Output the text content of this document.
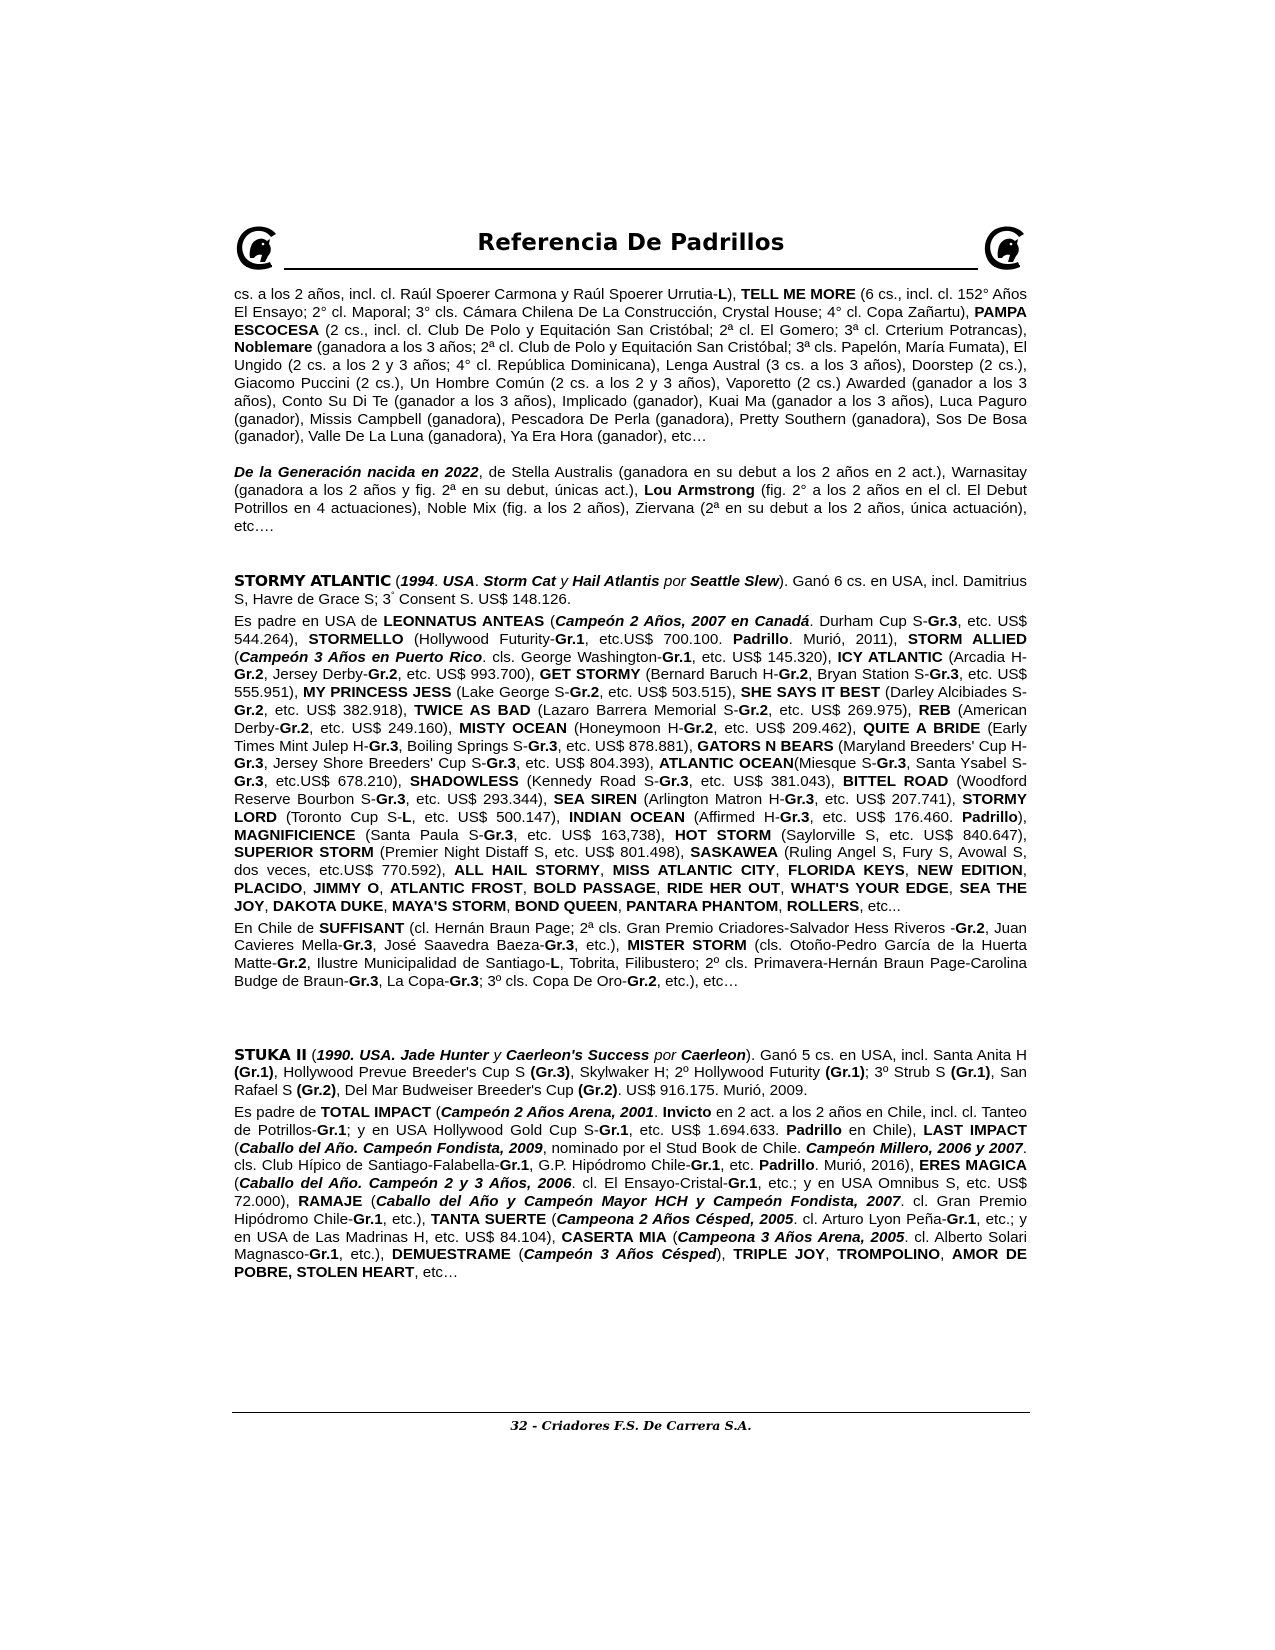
Referencia De Padrillos

cs. a los 2 años, incl. cl. Raúl Spoerer Carmona y Raúl Spoerer Urrutia-L), TELL ME MORE (6 cs., incl. cl. 152° Años El Ensayo; 2° cl. Maporal; 3° cls. Cámara Chilena De La Construcción, Crystal House; 4° cl. Copa Zañartu), PAMPA ESCOCESA (2 cs., incl. cl. Club De Polo y Equitación San Cristóbal; 2ª cl. El Gomero; 3ª cl. Crterium Potrancas), Noblemare (ganadora a los 3 años; 2ª cl. Club de Polo y Equitación San Cristóbal; 3ª cls. Papelón, María Fumata), El Ungido (2 cs. a los 2 y 3 años; 4° cl. República Dominicana), Lenga Austral (3 cs. a los 3 años), Doorstep (2 cs.), Giacomo Puccini (2 cs.), Un Hombre Común (2 cs. a los 2 y 3 años), Vaporetto (2 cs.) Awarded (ganador a los 3 años), Conto Su Di Te (ganador a los 3 años), Implicado (ganador), Kuai Ma (ganador a los 3 años), Luca Paguro (ganador), Missis Campbell (ganadora), Pescadora De Perla (ganadora), Pretty Southern (ganadora), Sos De Bosa (ganador), Valle De La Luna (ganadora), Ya Era Hora (ganador), etc…

De la Generación nacida en 2022, de Stella Australis (ganadora en su debut a los 2 años en 2 act.), Warnasitay (ganadora a los 2 años y fig. 2ª en su debut, únicas act.), Lou Armstrong (fig. 2° a los 2 años en el cl. El Debut Potrillos en 4 actuaciones), Noble Mix (fig. a los 2 años), Ziervana (2ª en su debut a los 2 años, única actuación), etc….

STORMY ATLANTIC (1994. USA. Storm Cat y Hail Atlantis por Seattle Slew). Ganó 6 cs. en USA, incl. Damitrius S, Havre de Grace S; 3° Consent S. US$ 148.126.

Es padre en USA de LEONNATUS ANTEAS (Campeón 2 Años, 2007 en Canadá. Durham Cup S-Gr.3, etc. US$ 544.264), STORMELLO (Hollywood Futurity-Gr.1, etc.US$ 700.100. Padrillo. Murió, 2011), STORM ALLIED (Campeón 3 Años en Puerto Rico. cls. George Washington-Gr.1, etc. US$ 145.320), ICY ATLANTIC (Arcadia H-Gr.2, Jersey Derby-Gr.2, etc. US$ 993.700), GET STORMY (Bernard Baruch H-Gr.2, Bryan Station S-Gr.3, etc. US$ 555.951), MY PRINCESS JESS (Lake George S-Gr.2, etc. US$ 503.515), SHE SAYS IT BEST (Darley Alcibiades S-Gr.2, etc. US$ 382.918), TWICE AS BAD (Lazaro Barrera Memorial S-Gr.2, etc. US$ 269.975), REB (American Derby-Gr.2, etc. US$ 249.160), MISTY OCEAN (Honeymoon H-Gr.2, etc. US$ 209.462), QUITE A BRIDE (Early Times Mint Julep H-Gr.3, Boiling Springs S-Gr.3, etc. US$ 878.881), GATORS N BEARS (Maryland Breeders' Cup H-Gr.3, Jersey Shore Breeders' Cup S-Gr.3, etc. US$ 804.393), ATLANTIC OCEAN(Miesque S-Gr.3, Santa Ysabel S-Gr.3, etc.US$ 678.210), SHADOWLESS (Kennedy Road S-Gr.3, etc. US$ 381.043), BITTEL ROAD (Woodford Reserve Bourbon S-Gr.3, etc. US$ 293.344), SEA SIREN (Arlington Matron H-Gr.3, etc. US$ 207.741), STORMY LORD (Toronto Cup S-L, etc. US$ 500.147), INDIAN OCEAN (Affirmed H-Gr.3, etc. US$ 176.460. Padrillo), MAGNIFICIENCE (Santa Paula S-Gr.3, etc. US$ 163,738), HOT STORM (Saylorville S, etc. US$ 840.647), SUPERIOR STORM (Premier Night Distaff S, etc. US$ 801.498), SASKAWEA (Ruling Angel S, Fury S, Avowal S, dos veces, etc.US$ 770.592), ALL HAIL STORMY, MISS ATLANTIC CITY, FLORIDA KEYS, NEW EDITION, PLACIDO, JIMMY O, ATLANTIC FROST, BOLD PASSAGE, RIDE HER OUT, WHAT'S YOUR EDGE, SEA THE JOY, DAKOTA DUKE, MAYA'S STORM, BOND QUEEN, PANTARA PHANTOM, ROLLERS, etc...

En Chile de SUFFISANT (cl. Hernán Braun Page; 2ª cls. Gran Premio Criadores-Salvador Hess Riveros -Gr.2, Juan Cavieres Mella-Gr.3, José Saavedra Baeza-Gr.3, etc.), MISTER STORM (cls. Otoño-Pedro García de la Huerta Matte-Gr.2, Ilustre Municipalidad de Santiago-L, Tobrita, Filibustero; 2º cls. Primavera-Hernán Braun Page-Carolina Budge de Braun-Gr.3, La Copa-Gr.3; 3º cls. Copa De Oro-Gr.2, etc.), etc…

STUKA II (1990. USA. Jade Hunter y Caerleon's Success por Caerleon). Ganó 5 cs. en USA, incl. Santa Anita H (Gr.1), Hollywood Prevue Breeder's Cup S (Gr.3), Skylwaker H; 2º Hollywood Futurity (Gr.1); 3º Strub S (Gr.1), San Rafael S (Gr.2), Del Mar Budweiser Breeder's Cup (Gr.2). US$ 916.175. Murió, 2009.

Es padre de TOTAL IMPACT (Campeón 2 Años Arena, 2001. Invicto en 2 act. a los 2 años en Chile, incl. cl. Tanteo de Potrillos-Gr.1; y en USA Hollywood Gold Cup S-Gr.1, etc. US$ 1.694.633. Padrillo en Chile), LAST IMPACT (Caballo del Año. Campeón Fondista, 2009, nominado por el Stud Book de Chile. Campeón Millero, 2006 y 2007. cls. Club Hípico de Santiago-Falabella-Gr.1, G.P. Hipódromo Chile-Gr.1, etc. Padrillo. Murió, 2016), ERES MAGICA (Caballo del Año. Campeón 2 y 3 Años, 2006. cl. El Ensayo-Cristal-Gr.1, etc.; y en USA Omnibus S, etc. US$ 72.000), RAMAJE (Caballo del Año y Campeón Mayor HCH y Campeón Fondista, 2007. cl. Gran Premio Hipódromo Chile-Gr.1, etc.), TANTA SUERTE (Campeona 2 Años Césped, 2005. cl. Arturo Lyon Peña-Gr.1, etc.; y en USA de Las Madrinas H, etc. US$ 84.104), CASERTA MIA (Campeona 3 Años Arena, 2005. cl. Alberto Solari Magnasco-Gr.1, etc.), DEMUESTRAME (Campeón 3 Años Césped), TRIPLE JOY, TROMPOLINO, AMOR DE POBRE, STOLEN HEART, etc…

32 - Criadores F.S. De Carrera S.A.
